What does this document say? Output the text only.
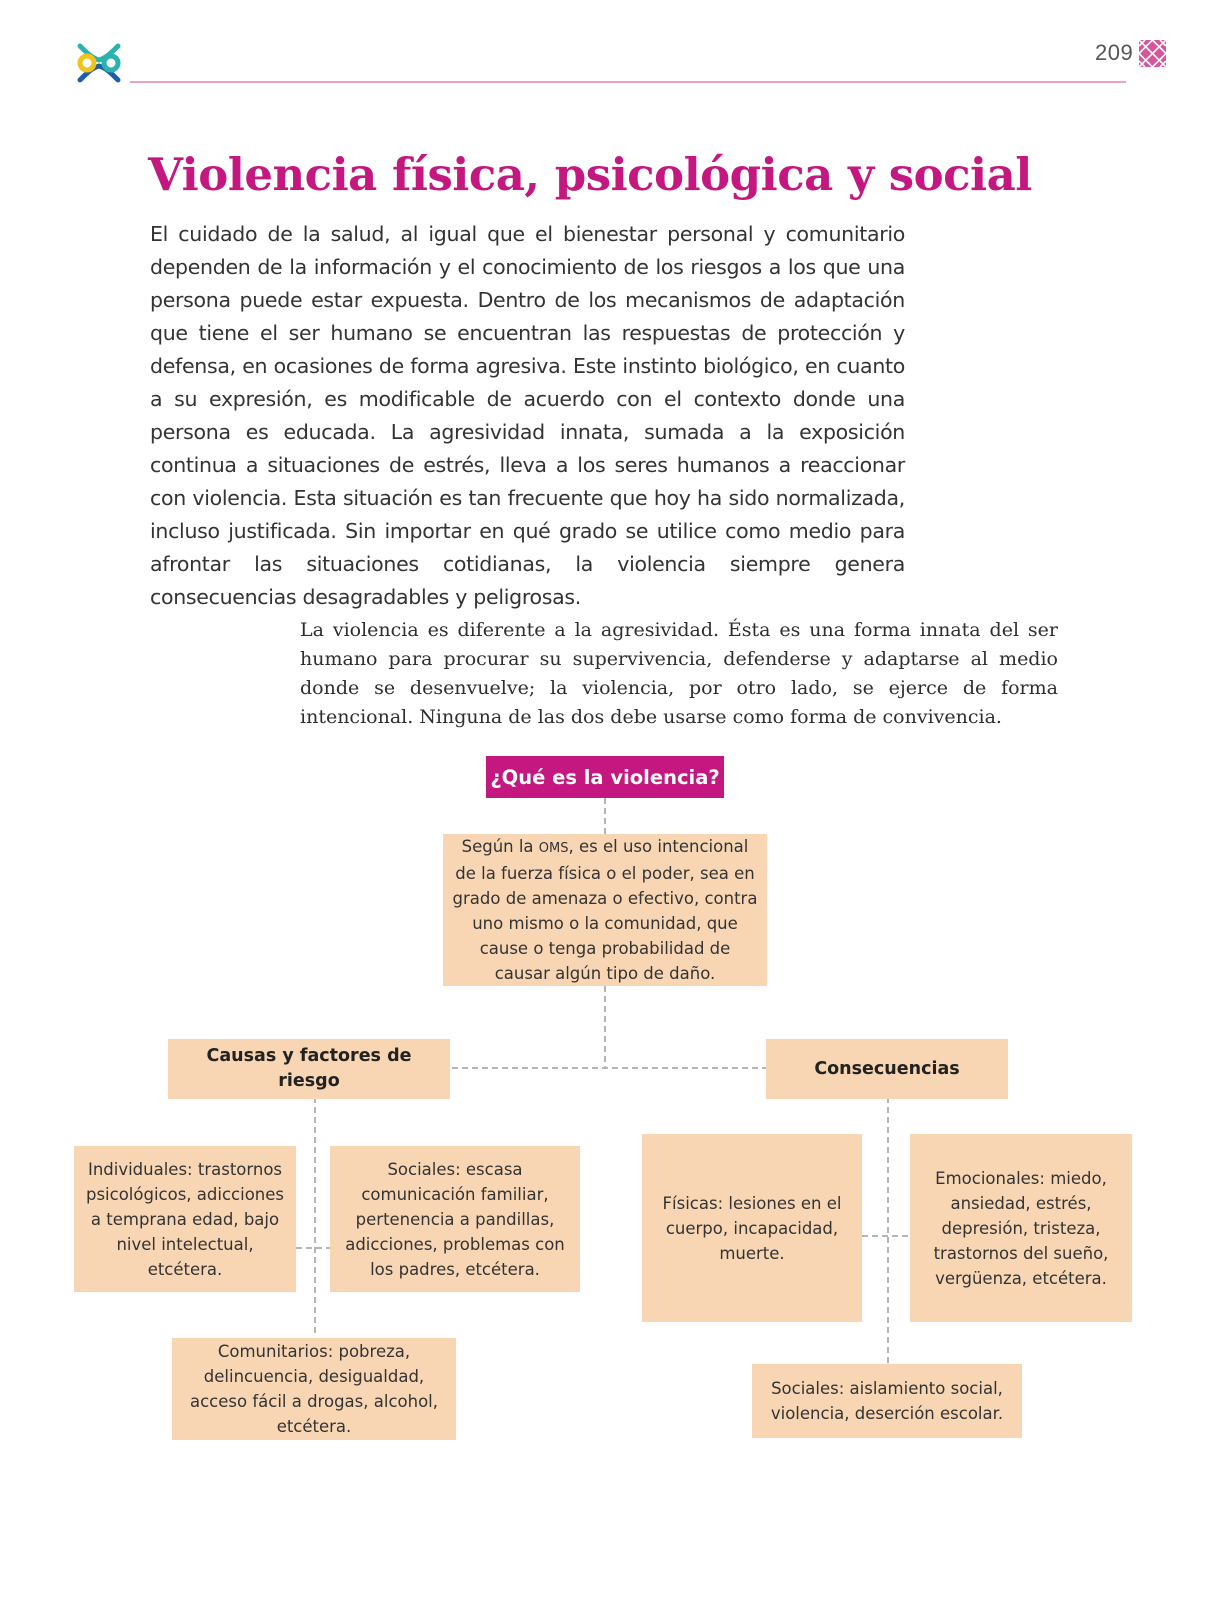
209
Violencia física, psicológica y social

El cuidado de la salud, al igual que el bienestar personal y comunitario dependen de la información y el conocimiento de los riesgos a los que una persona puede estar expuesta. Dentro de los mecanismos de adaptación que tiene el ser humano se encuentran las respuestas de protección y defensa, en ocasiones de forma agresiva. Este instinto biológico, en cuanto a su expresión, es modificable de acuerdo con el contexto donde una persona es educada. La agresividad innata, sumada a la exposición continua a situaciones de estrés, lleva a los seres humanos a reaccionar con violencia. Esta situación es tan frecuente que hoy ha sido normalizada, incluso justificada. Sin importar en qué grado se utilice como medio para afrontar las situaciones cotidianas, la violencia siempre genera consecuencias desagradables y peligrosas.

La violencia es diferente a la agresividad. Ésta es una forma innata del ser humano para procurar su supervivencia, defenderse y adaptarse al medio donde se desenvuelve; la violencia, por otro lado, se ejerce de forma intencional. Ninguna de las dos debe usarse como forma de convivencia.

¿Qué es la violencia?
Según la OMS, es el uso intencional de la fuerza física o el poder, sea en grado de amenaza o efectivo, contra uno mismo o la comunidad, que cause o tenga probabilidad de causar algún tipo de daño.
Causas y factores de riesgo
Consecuencias
Individuales: trastornos psicológicos, adicciones a temprana edad, bajo nivel intelectual, etcétera.
Sociales: escasa comunicación familiar, pertenencia a pandillas, adicciones, problemas con los padres, etcétera.
Comunitarios: pobreza, delincuencia, desigualdad, acceso fácil a drogas, alcohol, etcétera.
Físicas: lesiones en el cuerpo, incapacidad, muerte.
Emocionales: miedo, ansiedad, estrés, depresión, tristeza, trastornos del sueño, vergüenza, etcétera.
Sociales: aislamiento social, violencia, deserción escolar.
